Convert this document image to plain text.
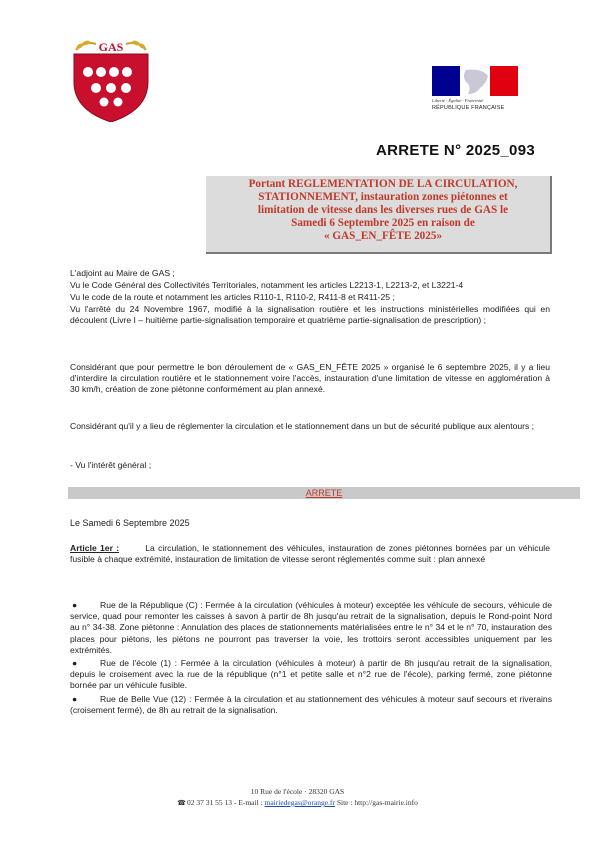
GAS
Liberté · Égalité · Fraternité
RÉPUBLIQUE FRANÇAISE
ARRETE N° 2025_093

Portant REGLEMENTATION DE LA CIRCULATION,
STATIONNEMENT, instauration zones piétonnes et
limitation de vitesse dans les diverses rues de GAS le
Samedi 6 Septembre 2025 en raison de
« GAS_EN_FÊTE 2025»

L'adjoint au Maire de GAS ;

Vu le Code Général des Collectivités Territoriales, notamment les articles L2213-1, L2213-2, et L3221-4

Vu le code de la route et notamment les articles R110-1, R110-2, R411-8 et R411-25 ;

Vu l'arrêté du 24 Novembre 1967, modifié à la signalisation routière et les instructions ministérielles modifiées qui en découlent (Livre I – huitième partie-signalisation temporaire et quatrième partie-signalisation de prescription) ;

Considérant que pour permettre le bon déroulement de « GAS_EN_FÊTE 2025 » organisé le 6 septembre 2025, il y a lieu d'interdire la circulation routière et le stationnement voire l'accès, instauration d'une limitation de vitesse en agglomération à 30 km/h, création de zone piétonne conformément au plan annexé.

Considérant qu'il y a lieu de réglementer la circulation et le stationnement dans un but de sécurité publique aux alentours ;

- Vu l'intérêt général ;

ARRETE
Le Samedi 6 Septembre 2025

Article 1er :	La circulation, le stationnement des véhicules, instauration de zones piétonnes bornées par un véhicule fusible à chaque extrémité, instauration de limitation de vitesse seront réglementés comme suit : plan annexé

●	Rue de la République (C) : Fermée à la circulation (véhicules à moteur) exceptée les véhicule de secours, véhicule de service, quad pour remonter les caisses à savon à partir de 8h jusqu'au retrait de la signalisation, depuis le Rond-point Nord au n° 34-38. Zone piétonne : Annulation des places de stationnements matérialisées entre le n° 34 et le n° 70, instauration des places pour piétons, les piétons ne pourront pas traverser la voie, les trottoirs seront accessibles uniquement par les extrémités.
●	Rue de l'école (1) : Fermée à la circulation (véhicules à moteur) à partir de 8h jusqu'au retrait de la signalisation, depuis le croisement avec la rue de la république (n°1 et petite salle et n°2 rue de l'école), parking fermé, zone piétonne bornée par un véhicule fusible.
●	Rue de Belle Vue (12) : Fermée à la circulation et au stationnement des véhicules à moteur sauf secours et riverains (croisement fermé), de 8h au retrait de la signalisation.
10 Rue de l'école · 28320 GAS
☎ 02 37 31 55 13 - E-mail : mairiedegas@orange.fr Site : http://gas-mairie.info
